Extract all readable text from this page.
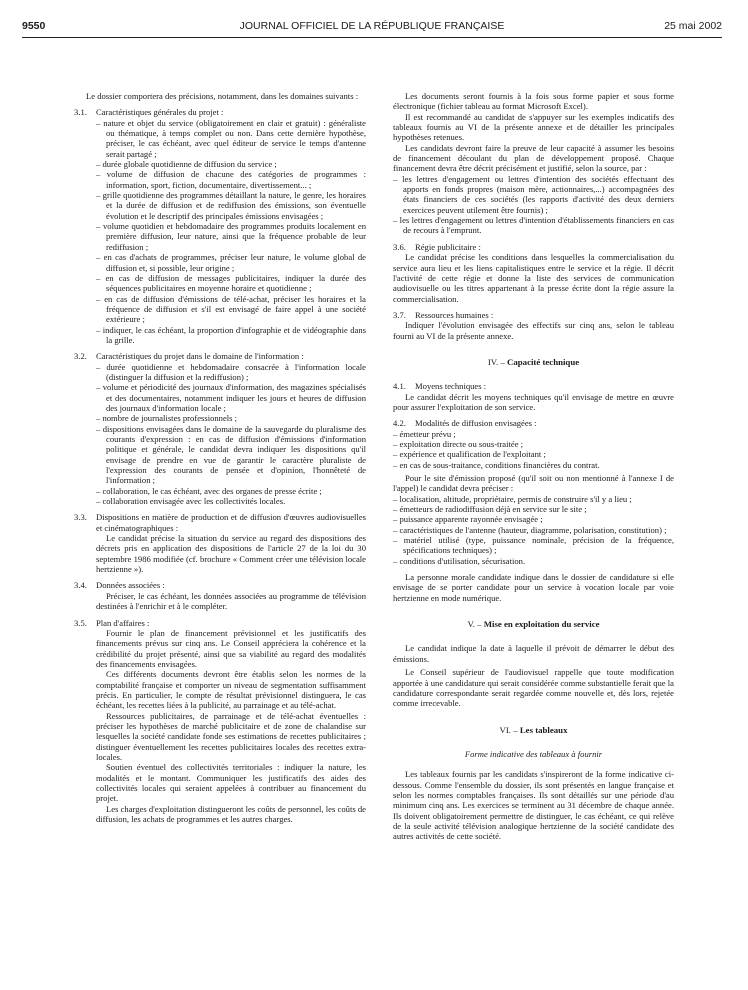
9550	JOURNAL OFFICIEL DE LA RÉPUBLIQUE FRANÇAISE	25 mai 2002

Le dossier comportera des précisions, notamment, dans les domaines suivants :

3.1.	Caractéristiques générales du projet :

– nature et objet du service (obligatoirement en clair et gratuit) : généraliste ou thématique, à temps complet ou non. Dans cette dernière hypothèse, préciser, le cas échéant, avec quel éditeur de service le temps d'antenne serait partagé ;

– durée globale quotidienne de diffusion du service ;

– volume de diffusion de chacune des catégories de programmes : information, sport, fiction, documentaire, divertissement... ;

– grille quotidienne des programmes détaillant la nature, le genre, les horaires et la durée de diffusion et de rediffusion des émissions, son éventuelle évolution et le descriptif des principales émissions envisagées ;

– volume quotidien et hebdomadaire des programmes produits localement en première diffusion, leur nature, ainsi que la fréquence probable de leur rediffusion ;

– en cas d'achats de programmes, préciser leur nature, le volume global de diffusion et, si possible, leur origine ;

– en cas de diffusion de messages publicitaires, indiquer la durée des séquences publicitaires en moyenne horaire et quotidienne ;

– en cas de diffusion d'émissions de télé-achat, préciser les horaires et la fréquence de diffusion et s'il est envisagé de faire appel à une société extérieure ;

– indiquer, le cas échéant, la proportion d'infographie et de vidéographie dans la grille.

3.2.	Caractéristiques du projet dans le domaine de l'information :

– durée quotidienne et hebdomadaire consacrée à l'information locale (distinguer la diffusion et la rediffusion) ;

– volume et périodicité des journaux d'information, des magazines spécialisés et des documentaires, notamment indiquer les jours et heures de diffusion des journaux d'information locale ;

– nombre de journalistes professionnels ;

– dispositions envisagées dans le domaine de la sauvegarde du pluralisme des courants d'expression : en cas de diffusion d'émissions d'information politique et générale, le candidat devra indiquer les dispositions qu'il envisage de prendre en vue de garantir le caractère pluraliste de l'expression des courants de pensée et d'opinion, l'honnêteté de l'information ;

– collaboration, le cas échéant, avec des organes de presse écrite ;

– collaboration envisagée avec les collectivités locales.

3.3.	Dispositions en matière de production et de diffusion d'œuvres audiovisuelles et cinématographiques :

Le candidat précise la situation du service au regard des dispositions des décrets pris en application des dispositions de l'article 27 de la loi du 30 septembre 1986 modifiée (cf. brochure « Comment créer une télévision locale hertzienne »).

3.4.	Données associées :

Préciser, le cas échéant, les données associées au programme de télévision destinées à l'enrichir et à le compléter.

3.5.	Plan d'affaires :

Fournir le plan de financement prévisionnel et les justificatifs des financements prévus sur cinq ans. Le Conseil appréciera la cohérence et la crédibilité du projet présenté, ainsi que sa viabilité au regard des modalités des financements envisagées.

Ces différents documents devront être établis selon les normes de la comptabilité française et comporter un niveau de segmentation suffisamment précis. En particulier, le compte de résultat prévisionnel distinguera, le cas échéant, les recettes liées à la publicité, au parrainage et au télé-achat.

Ressources publicitaires, de parrainage et de télé-achat éventuelles : préciser les hypothèses de marché publicitaire et de zone de chalandise sur lesquelles la société candidate fonde ses estimations de recettes publicitaires ; distinguer éventuellement les recettes publicitaires locales des recettes extra-locales.

Soutien éventuel des collectivités territoriales : indiquer la nature, les modalités et le montant. Communiquer les justificatifs des aides des collectivités locales qui seraient appelées à contribuer au financement du projet.

Les charges d'exploitation distingueront les coûts de personnel, les coûts de diffusion, les achats de programmes et les autres charges.

Les documents seront fournis à la fois sous forme papier et sous forme électronique (fichier tableau au format Microsoft Excel).

Il est recommandé au candidat de s'appuyer sur les exemples indicatifs des tableaux fournis au VI de la présente annexe et de détailler les principales hypothèses retenues.

Les candidats devront faire la preuve de leur capacité à assumer les besoins de financement découlant du plan de développement proposé. Chaque financement devra être décrit précisément et justifié, selon la source, par :

– les lettres d'engagement ou lettres d'intention des sociétés effectuant des apports en fonds propres (maison mère, actionnaires,...) accompagnées des états financiers de ces sociétés (les rapports d'activité des deux derniers exercices peuvent utilement être fournis) ;

– les lettres d'engagement ou lettres d'intention d'établissements financiers en cas de recours à l'emprunt.

3.6.	Régie publicitaire :

Le candidat précise les conditions dans lesquelles la commercialisation du service aura lieu et les liens capitalistiques entre le service et la régie. Il décrit l'activité de cette régie et donne la liste des services de communication audiovisuelle ou les titres appartenant à la presse écrite dont la régie assure la commercialisation.

3.7.	Ressources humaines :

Indiquer l'évolution envisagée des effectifs sur cinq ans, selon le tableau fourni au VI de la présente annexe.

IV. – Capacité technique

4.1.	Moyens techniques :

Le candidat décrit les moyens techniques qu'il envisage de mettre en œuvre pour assurer l'exploitation de son service.

4.2.	Modalités de diffusion envisagées :

– émetteur prévu ;

– exploitation directe ou sous-traitée ;

– expérience et qualification de l'exploitant ;

– en cas de sous-traitance, conditions financières du contrat.

Pour le site d'émission proposé (qu'il soit ou non mentionné à l'annexe I de l'appel) le candidat devra préciser :

– localisation, altitude, propriétaire, permis de construire s'il y a lieu ;

– émetteurs de radiodiffusion déjà en service sur le site ;

– puissance apparente rayonnée envisagée ;

– caractéristiques de l'antenne (hauteur, diagramme, polarisation, constitution) ;

– matériel utilisé (type, puissance nominale, précision de la fréquence, spécifications techniques) ;

– conditions d'utilisation, sécurisation.

La personne morale candidate indique dans le dossier de candidature si elle envisage de se porter candidate pour un service à vocation locale par voie hertzienne en mode numérique.

V. – Mise en exploitation du service

Le candidat indique la date à laquelle il prévoit de démarrer le début des émissions.

Le Conseil supérieur de l'audiovisuel rappelle que toute modification apportée à une candidature qui serait considérée comme substantielle ferait que la candidature correspondante serait regardée comme nouvelle et, dès lors, rejetée comme irrecevable.

VI. – Les tableaux

Forme indicative des tableaux à fournir

Les tableaux fournis par les candidats s'inspireront de la forme indicative ci-dessous. Comme l'ensemble du dossier, ils sont présentés en langue française et selon les normes comptables françaises. Ils sont détaillés sur une période d'au minimum cinq ans. Les exercices se terminent au 31 décembre de chaque année. Ils doivent obligatoirement permettre de distinguer, le cas échéant, ce qui relève de la seule activité télévision analogique hertzienne de la société candidate des autres activités de cette société.
